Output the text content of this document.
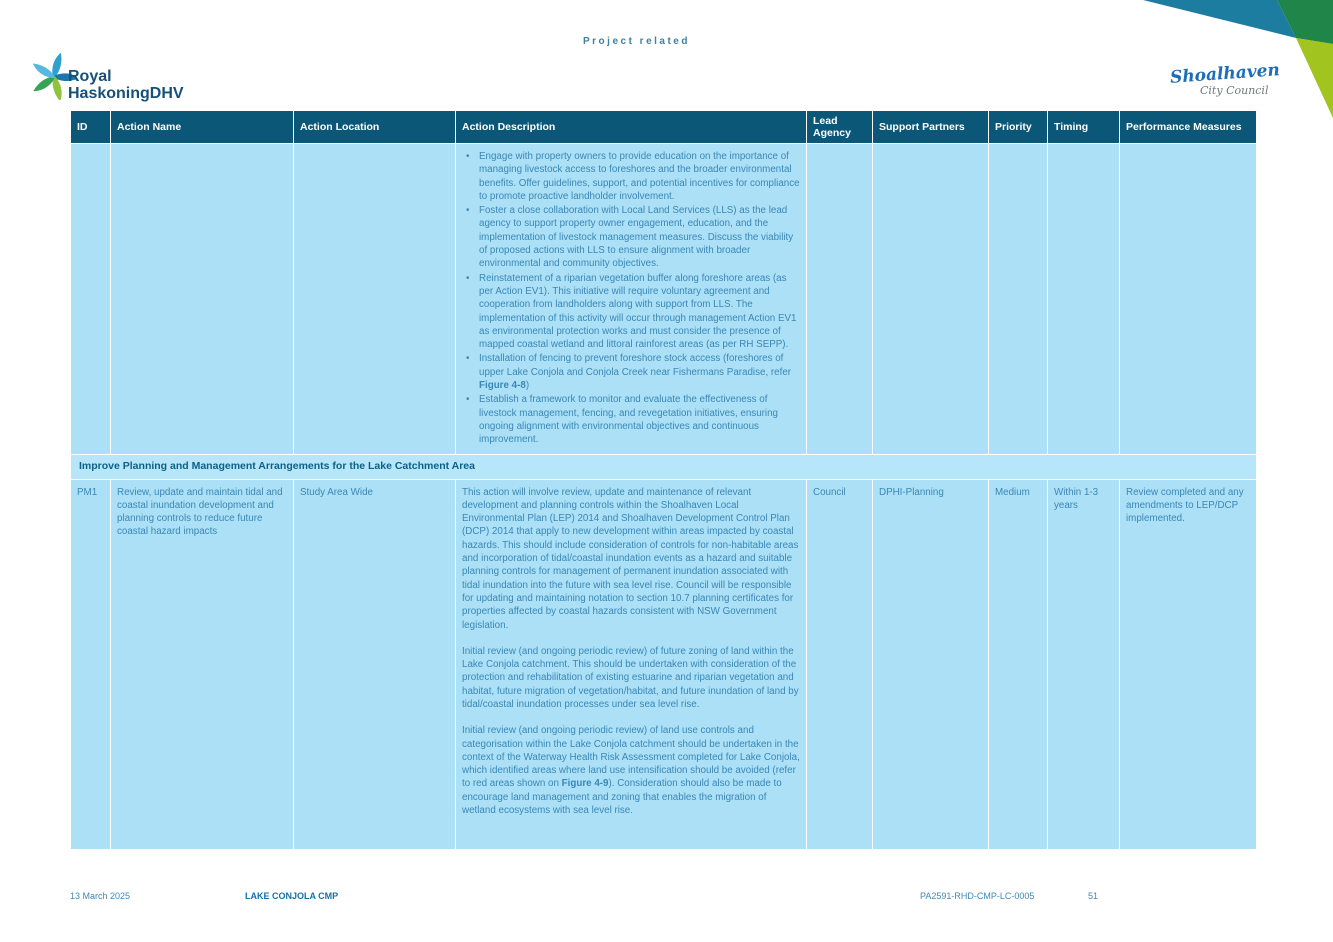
Project related
Royal
HaskoningDHV
Shoalhaven
City Council
ID	Action Name	Action Location	Action Description	Lead Agency	Support Partners	Priority	Timing	Performance Measures

• Engage with property owners to provide education on the importance of managing livestock access to foreshores and the broader environmental benefits. Offer guidelines, support, and potential incentives for compliance to promote proactive landholder involvement.
• Foster a close collaboration with Local Land Services (LLS) as the lead agency to support property owner engagement, education, and the implementation of livestock management measures. Discuss the viability of proposed actions with LLS to ensure alignment with broader environmental and community objectives.
• Reinstatement of a riparian vegetation buffer along foreshore areas (as per Action EV1). This initiative will require voluntary agreement and cooperation from landholders along with support from LLS. The implementation of this activity will occur through management Action EV1 as environmental protection works and must consider the presence of mapped coastal wetland and littoral rainforest areas (as per RH SEPP).
• Installation of fencing to prevent foreshore stock access (foreshores of upper Lake Conjola and Conjola Creek near Fishermans Paradise, refer Figure 4-8)
• Establish a framework to monitor and evaluate the effectiveness of livestock management, fencing, and revegetation initiatives, ensuring ongoing alignment with environmental objectives and continuous improvement.

Improve Planning and Management Arrangements for the Lake Catchment Area								
PM1	Review, update and maintain tidal and coastal inundation development and planning controls to reduce future coastal hazard impacts	Study Area Wide	This action will involve review, update and maintenance of relevant development and planning controls within the Shoalhaven Local Environmental Plan (LEP) 2014 and Shoalhaven Development Control Plan (DCP) 2014 that apply to new development within areas impacted by coastal hazards. This should include consideration of controls for non-habitable areas and incorporation of tidal/coastal inundation events as a hazard and suitable planning controls for management of permanent inundation associated with tidal inundation into the future with sea level rise. Council will be responsible for updating and maintaining notation to section 10.7 planning certificates for properties affected by coastal hazards consistent with NSW Government legislation.
Initial review (and ongoing periodic review) of future zoning of land within the Lake Conjola catchment. This should be undertaken with consideration of the protection and rehabilitation of existing estuarine and riparian vegetation and habitat, future migration of vegetation/habitat, and future inundation of land by tidal/coastal inundation processes under sea level rise.
Initial review (and ongoing periodic review) of land use controls and categorisation within the Lake Conjola catchment should be undertaken in the context of the Waterway Health Risk Assessment completed for Lake Conjola, which identified areas where land use intensification should be avoided (refer to red areas shown on Figure 4-9). Consideration should also be made to encourage land management and zoning that enables the migration of wetland ecosystems with sea level rise.	Council	DPHI-Planning	Medium	Within 1-3 years	Review completed and any amendments to LEP/DCP implemented.
13 March 2025	LAKE CONJOLA CMP	PA2591-RHD-CMP-LC-0005	51
